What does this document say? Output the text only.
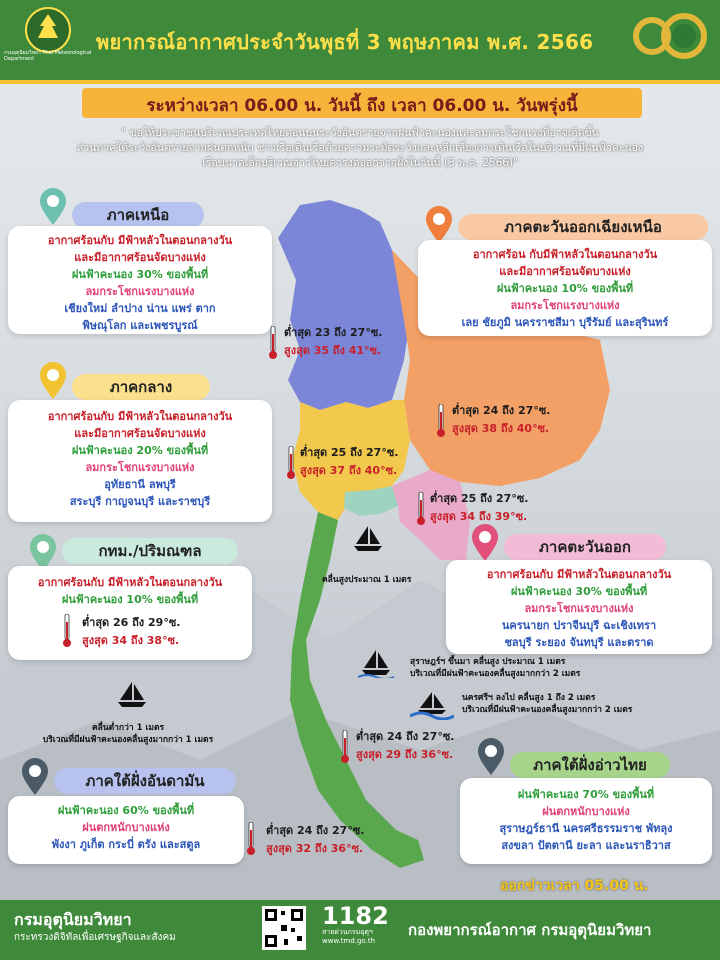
กรมอุตุนิยมวิทยา Thai Meteorological Department
พยากรณ์อากาศประจำวันพุธที่ 3 พฤษภาคม พ.ศ. 2566
ระหว่างเวลา 06.00 น. วันนี้ ถึง เวลา 06.00 น. วันพรุ่งนี้
" ขอให้ประชาชนบริเวณประเทศไทยตอนบนระวังอันตรายจากฝนฟ้าคะนองและลมกระโชกแรงที่อาจเกิดขึ้น
ส่วนภาคใต้ระวังอันตรายจากฝนตกหนัก ชาวเรือเดินเรือด้วยความระมัดระวังและหลีกเลี่ยงการเดินเรือในบริเวณที่มีฝนฟ้าคะนอง
เรือขนาดเล็กบริเวณอ่าวไทยควรงดออกจากฝั่งในวันนี้ (3 พ.ค. 2566)"
ภาคเหนือ
อากาศร้อนกับ มีฟ้าหลัวในตอนกลางวัน
และมีอากาศร้อนจัดบางแห่ง
ฝนฟ้าคะนอง 30% ของพื้นที่
ลมกระโชกแรงบางแห่ง
เชียงใหม่ ลำปาง น่าน แพร่ ตาก
พิษณุโลก และเพชรบูรณ์
ต่ำสุด 23 ถึง 27°ซ.
สูงสุด 35 ถึง 41°ซ.
ภาคตะวันออกเฉียงเหนือ
อากาศร้อน กับมีฟ้าหลัวในตอนกลางวัน
และมีอากาศร้อนจัดบางแห่ง
ฝนฟ้าคะนอง 10% ของพื้นที่
ลมกระโชกแรงบางแห่ง
เลย ชัยภูมิ นครราชสีมา บุรีรัมย์ และสุรินทร์
ต่ำสุด 24 ถึง 27°ซ.
สูงสุด 38 ถึง 40°ซ.
ภาคกลาง
อากาศร้อนกับ มีฟ้าหลัวในตอนกลางวัน
และมีอากาศร้อนจัดบางแห่ง
ฝนฟ้าคะนอง 20% ของพื้นที่
ลมกระโชกแรงบางแห่ง
อุทัยธานี ลพบุรี
สระบุรี กาญจนบุรี และราชบุรี
ต่ำสุด 25 ถึง 27°ซ.
สูงสุด 37 ถึง 40°ซ.
ต่ำสุด 25 ถึง 27°ซ.
สูงสุด 34 ถึง 39°ซ.
ภาคตะวันออก
อากาศร้อนกับ มีฟ้าหลัวในตอนกลางวัน
ฝนฟ้าคะนอง 30% ของพื้นที่
ลมกระโชกแรงบางแห่ง
นครนายก ปราจีนบุรี ฉะเชิงเทรา
ชลบุรี ระยอง จันทบุรี และตราด
กทม./ปริมณฑล
อากาศร้อนกับ มีฟ้าหลัวในตอนกลางวัน
ฝนฟ้าคะนอง 10% ของพื้นที่
ต่ำสุด 26 ถึง 29°ซ.
สูงสุด 34 ถึง 38°ซ.
คลื่นสูงประมาณ 1 เมตร
สุราษฎร์ฯ ขึ้นมา คลื่นสูง ประมาณ 1 เมตร
บริเวณที่มีฝนฟ้าคะนองคลื่นสูงมากกว่า 2 เมตร
นครศรีฯ ลงไป คลื่นสูง 1 ถึง 2 เมตร
บริเวณที่มีฝนฟ้าคะนองคลื่นสูงมากกว่า 2 เมตร
คลื่นต่ำกว่า 1 เมตร
บริเวณที่มีฝนฟ้าคะนองคลื่นสูงมากกว่า 1 เมตร	ต่ำสุด 24 ถึง 27°ซ.
สูงสุด 29 ถึง 36°ซ.
ภาคใต้ฝั่งอ่าวไทย
ฝนฟ้าคะนอง 70% ของพื้นที่
ฝนตกหนักบางแห่ง
สุราษฎร์ธานี นครศรีธรรมราช พัทลุง
สงขลา ปัตตานี ยะลา และนราธิวาส
ภาคใต้ฝั่งอันดามัน
ฝนฟ้าคะนอง 60% ของพื้นที่
ฝนตกหนักบางแห่ง
พังงา ภูเก็ต กระบี่ ตรัง และสตูล
ต่ำสุด 24 ถึง 27°ซ.
สูงสุด 32 ถึง 36°ซ.
ออกข่าวเวลา 05.00 น.
กรมอุตุนิยมวิทยา
กระทรวงดิจิทัลเพื่อเศรษฐกิจและสังคม
1182
สายด่วนกรมอุตุฯ
www.tmd.go.th
กองพยากรณ์อากาศ กรมอุตุนิยมวิทยา
